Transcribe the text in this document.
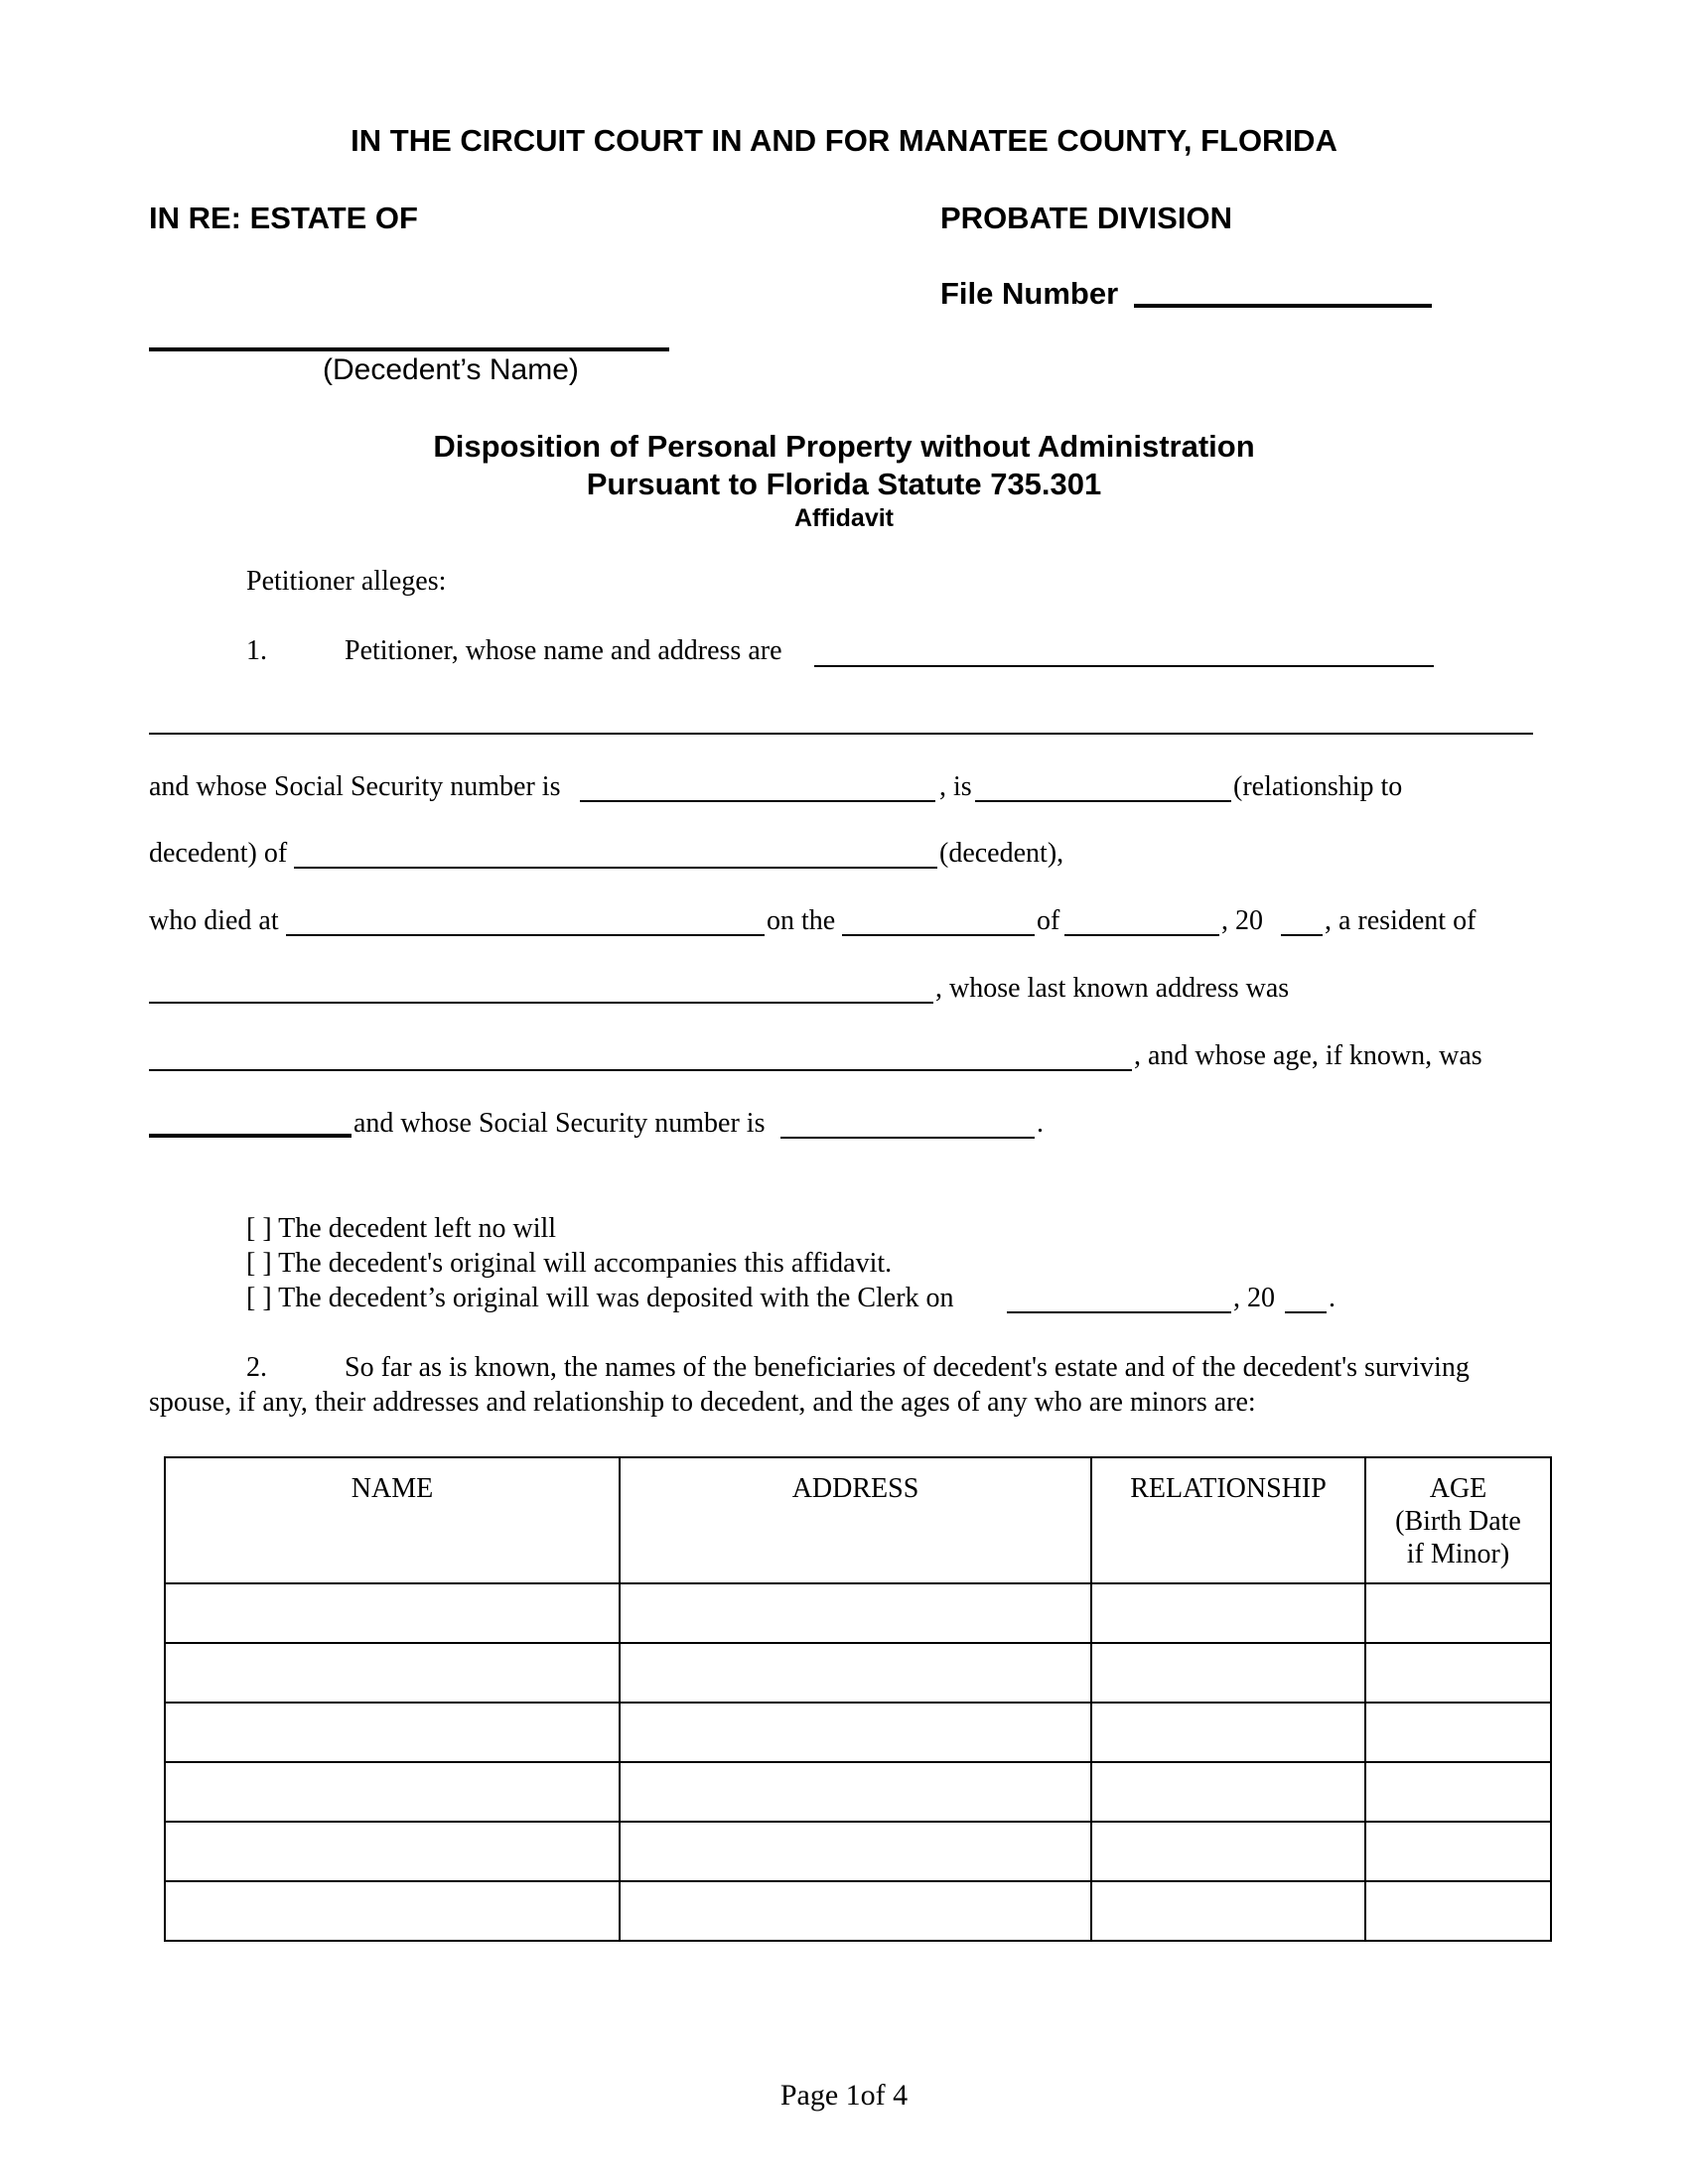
IN THE CIRCUIT COURT IN AND FOR MANATEE COUNTY, FLORIDA
IN RE: ESTATE OF	PROBATE DIVISION
File Number
(Decedent’s Name)
Disposition of Personal Property without Administration
Pursuant to Florida Statute 735.301
Affidavit
Petitioner alleges:
1.	Petitioner, whose name and address are
and whose Social Security number is	, is	(relationship to
decedent) of	(decedent),
who died at	on the	of	, 20 , a resident of
, whose last known address was
, and whose age, if known, was
and whose Social Security number is	.
[ ] The decedent left no will
[ ] The decedent's original will accompanies this affidavit.
[ ] The decedent’s original will was deposited with the Clerk on	, 20 .
2.	So far as is known, the names of the beneficiaries of decedent's estate and of the decedent's surviving
spouse, if any, their addresses and relationship to decedent, and the ages of any who are minors are:
NAME	ADDRESS	RELATIONSHIP	AGE
(Birth Date
if Minor)

Page 1of 4
